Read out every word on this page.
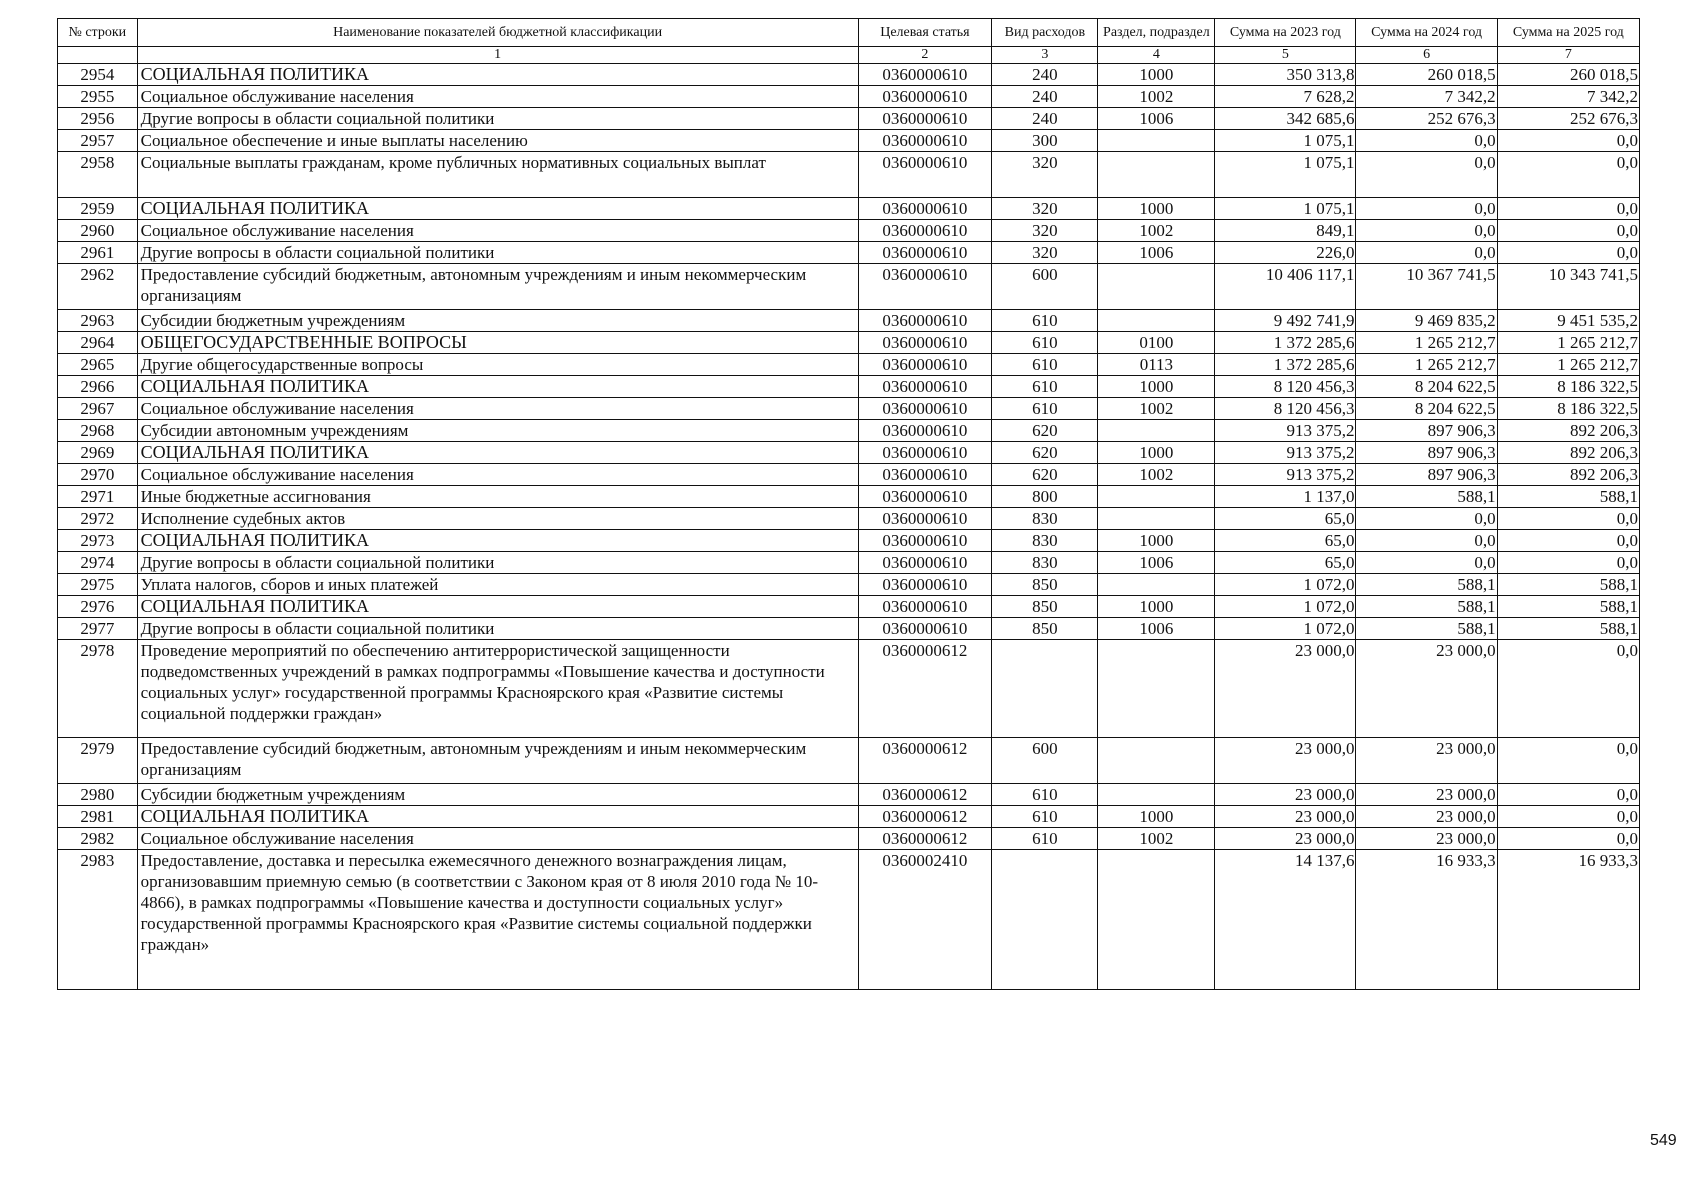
№ строки	Наименование показателей бюджетной классификации	Целевая статья	Вид расходов	Раздел, подраздел	Сумма на 2023 год	Сумма на 2024 год	Сумма на 2025 год
	1	2	3	4	5	6	7
2954	СОЦИАЛЬНАЯ ПОЛИТИКА	0360000610	240	1000	350 313,8	260 018,5	260 018,5
2955	Социальное обслуживание населения	0360000610	240	1002	7 628,2	7 342,2	7 342,2
2956	Другие вопросы в области социальной политики	0360000610	240	1006	342 685,6	252 676,3	252 676,3
2957	Социальное обеспечение и иные выплаты населению	0360000610	300		1 075,1	0,0	0,0
2958	Социальные выплаты гражданам, кроме публичных нормативных социальных выплат	0360000610	320		1 075,1	0,0	0,0
2959	СОЦИАЛЬНАЯ ПОЛИТИКА	0360000610	320	1000	1 075,1	0,0	0,0
2960	Социальное обслуживание населения	0360000610	320	1002	849,1	0,0	0,0
2961	Другие вопросы в области социальной политики	0360000610	320	1006	226,0	0,0	0,0
2962	Предоставление субсидий бюджетным, автономным учреждениям и иным некоммерческим организациям	0360000610	600		10 406 117,1	10 367 741,5	10 343 741,5
2963	Субсидии бюджетным учреждениям	0360000610	610		9 492 741,9	9 469 835,2	9 451 535,2
2964	ОБЩЕГОСУДАРСТВЕННЫЕ ВОПРОСЫ	0360000610	610	0100	1 372 285,6	1 265 212,7	1 265 212,7
2965	Другие общегосударственные вопросы	0360000610	610	0113	1 372 285,6	1 265 212,7	1 265 212,7
2966	СОЦИАЛЬНАЯ ПОЛИТИКА	0360000610	610	1000	8 120 456,3	8 204 622,5	8 186 322,5
2967	Социальное обслуживание населения	0360000610	610	1002	8 120 456,3	8 204 622,5	8 186 322,5
2968	Субсидии автономным учреждениям	0360000610	620		913 375,2	897 906,3	892 206,3
2969	СОЦИАЛЬНАЯ ПОЛИТИКА	0360000610	620	1000	913 375,2	897 906,3	892 206,3
2970	Социальное обслуживание населения	0360000610	620	1002	913 375,2	897 906,3	892 206,3
2971	Иные бюджетные ассигнования	0360000610	800		1 137,0	588,1	588,1
2972	Исполнение судебных актов	0360000610	830		65,0	0,0	0,0
2973	СОЦИАЛЬНАЯ ПОЛИТИКА	0360000610	830	1000	65,0	0,0	0,0
2974	Другие вопросы в области социальной политики	0360000610	830	1006	65,0	0,0	0,0
2975	Уплата налогов, сборов и иных платежей	0360000610	850		1 072,0	588,1	588,1
2976	СОЦИАЛЬНАЯ ПОЛИТИКА	0360000610	850	1000	1 072,0	588,1	588,1
2977	Другие вопросы в области социальной политики	0360000610	850	1006	1 072,0	588,1	588,1
2978	Проведение мероприятий по обеспечению антитеррористической защищенности подведомственных учреждений в рамках подпрограммы «Повышение качества и доступности социальных услуг» государственной программы Красноярского края «Развитие системы социальной поддержки граждан»	0360000612			23 000,0	23 000,0	0,0
2979	Предоставление субсидий бюджетным, автономным учреждениям и иным некоммерческим организациям	0360000612	600		23 000,0	23 000,0	0,0
2980	Субсидии бюджетным учреждениям	0360000612	610		23 000,0	23 000,0	0,0
2981	СОЦИАЛЬНАЯ ПОЛИТИКА	0360000612	610	1000	23 000,0	23 000,0	0,0
2982	Социальное обслуживание населения	0360000612	610	1002	23 000,0	23 000,0	0,0
2983	Предоставление, доставка и пересылка ежемесячного денежного вознаграждения лицам, организовавшим приемную семью (в соответствии с Законом края от 8 июля 2010 года № 10-4866), в рамках подпрограммы «Повышение качества и доступности социальных услуг» государственной программы Красноярского края «Развитие системы социальной поддержки граждан»	0360002410			14 137,6	16 933,3	16 933,3
549
